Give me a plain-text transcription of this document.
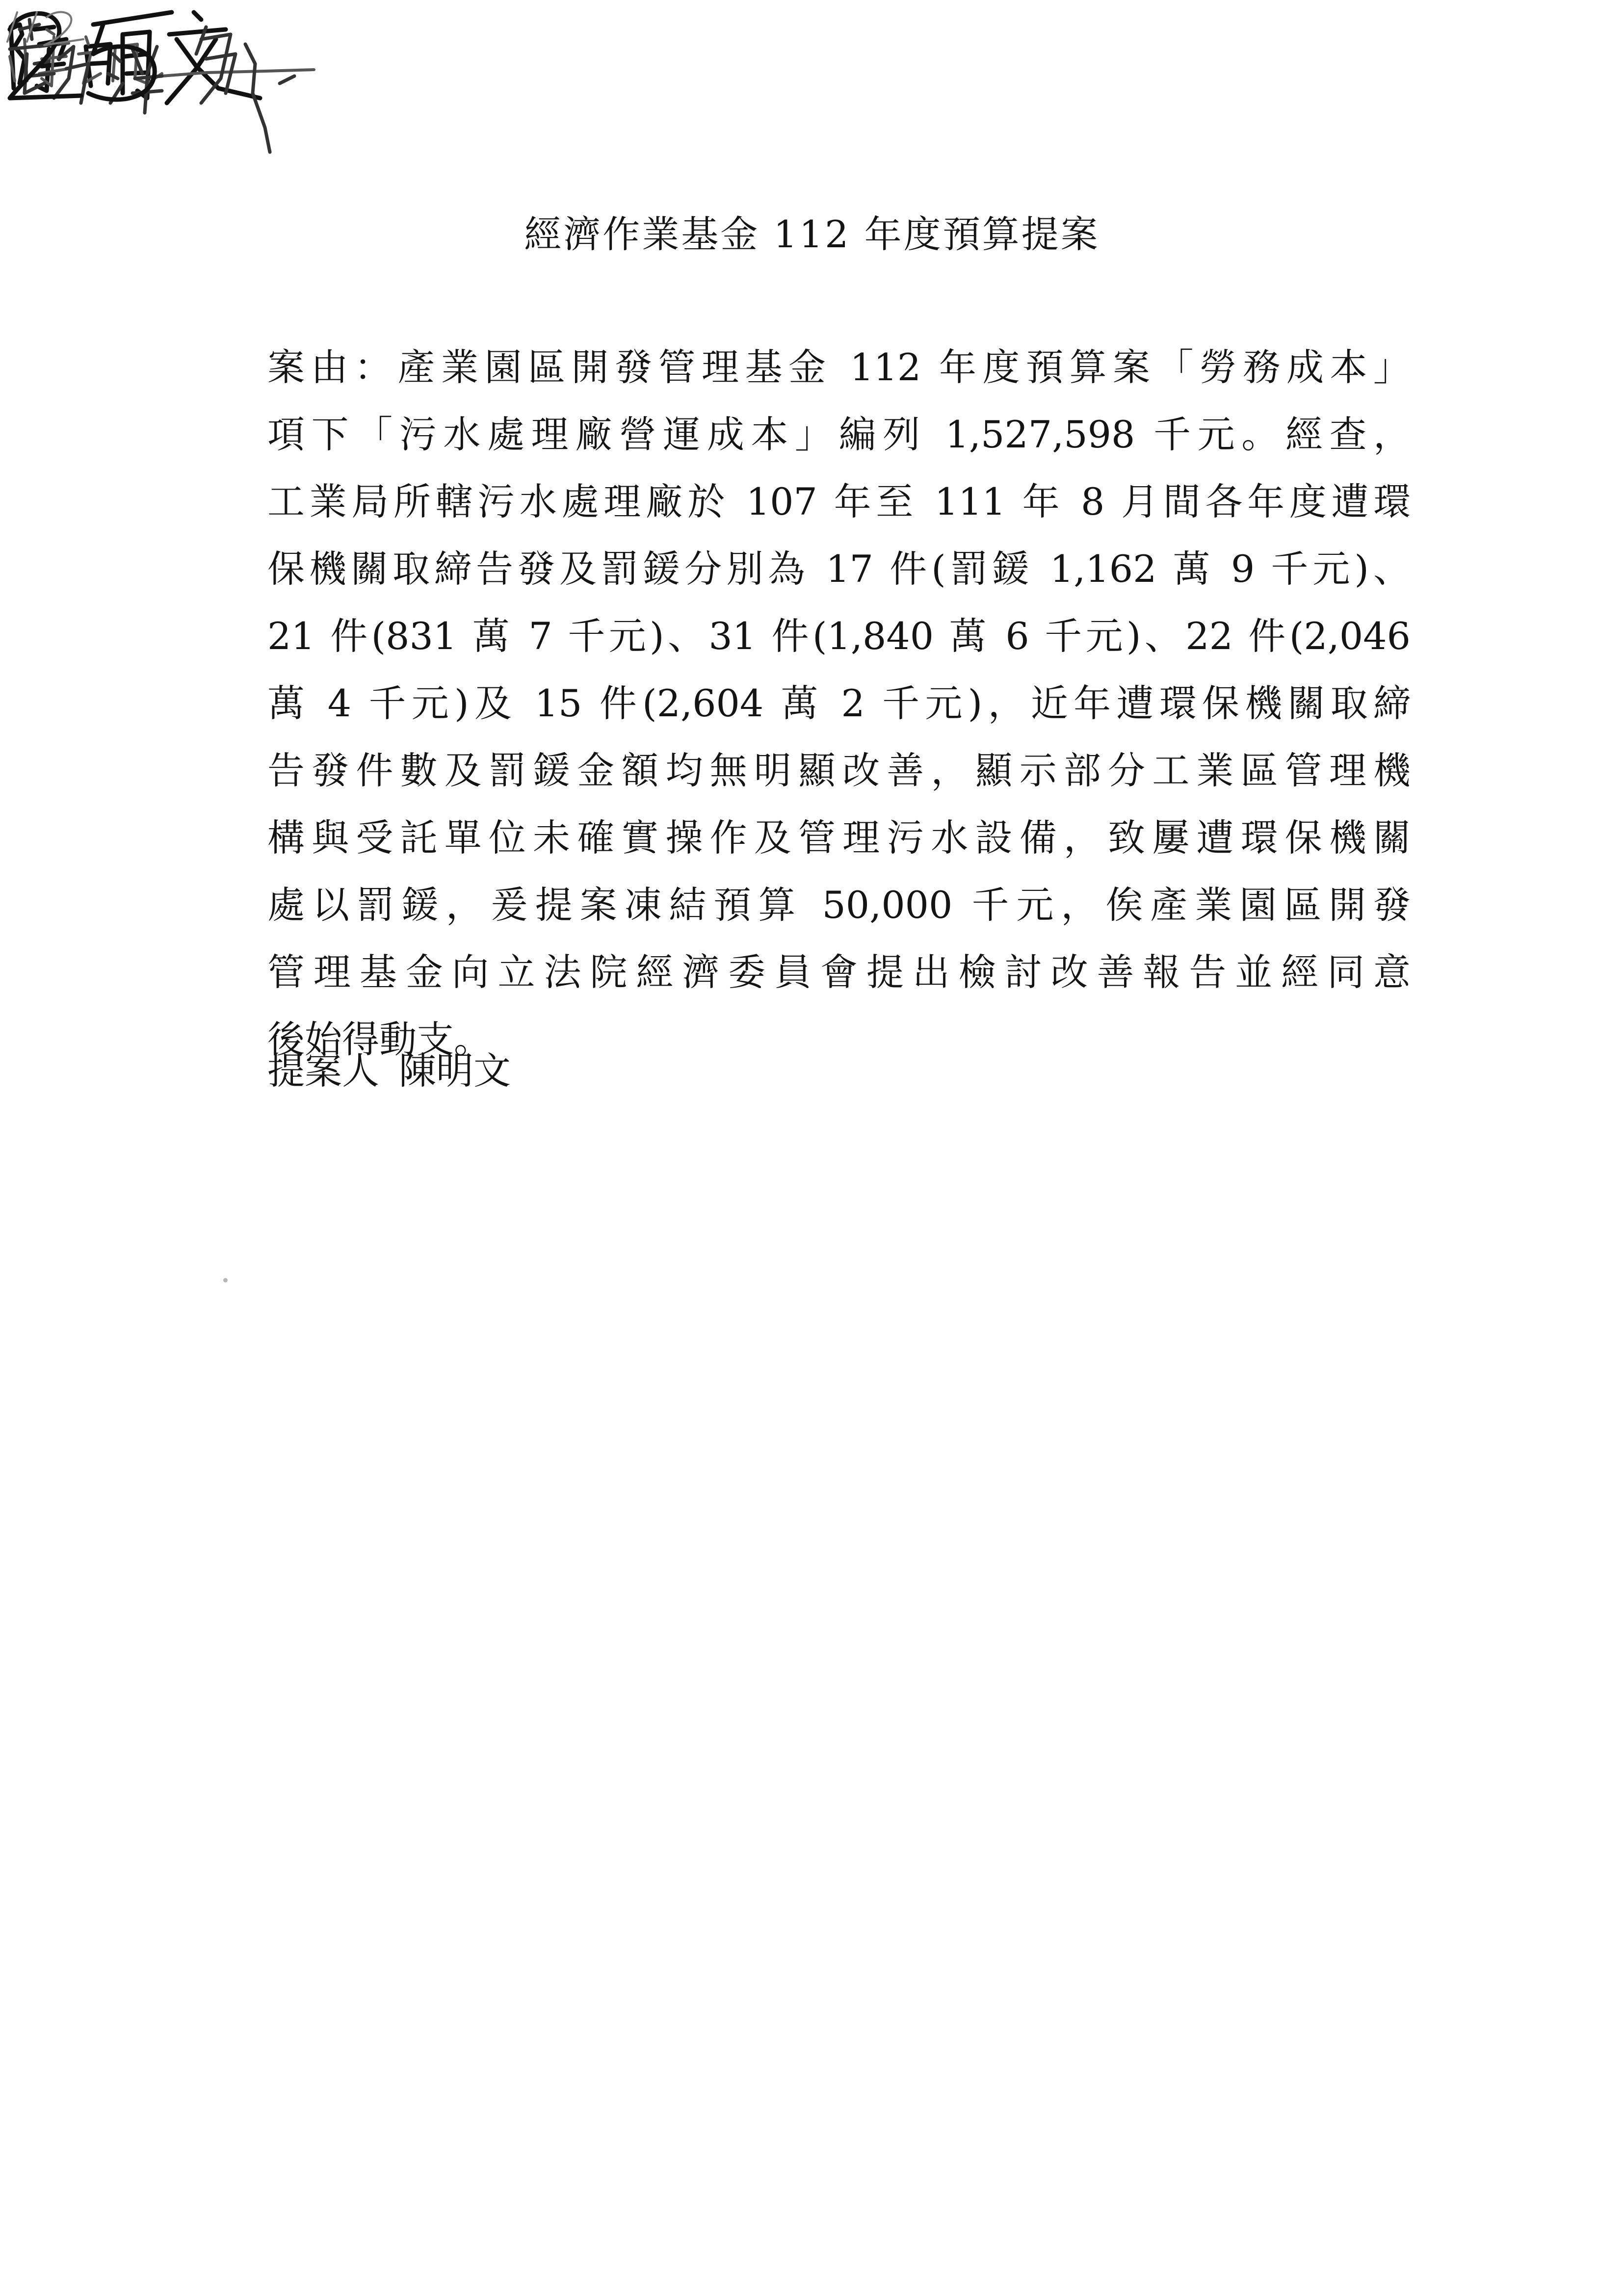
經濟作業基金 112 年度預算提案
案由：產業園區開發管理基金 112 年度預算案「勞務成本」
項下「污水處理廠營運成本」編列 1,527,598 千元。經查，
工業局所轄污水處理廠於 107 年至 111 年 8 月間各年度遭環
保機關取締告發及罰鍰分別為 17 件(罰鍰 1,162 萬 9 千元)、
21 件(831 萬 7 千元)、31 件(1,840 萬 6 千元)、22 件(2,046
萬 4 千元)及 15 件(2,604 萬 2 千元)，近年遭環保機關取締
告發件數及罰鍰金額均無明顯改善，顯示部分工業區管理機
構與受託單位未確實操作及管理污水設備，致屢遭環保機關
處以罰鍰，爰提案凍結預算 50,000 千元，俟產業園區開發
管理基金向立法院經濟委員會提出檢討改善報告並經同意
後始得動支。
提案人 陳明文
